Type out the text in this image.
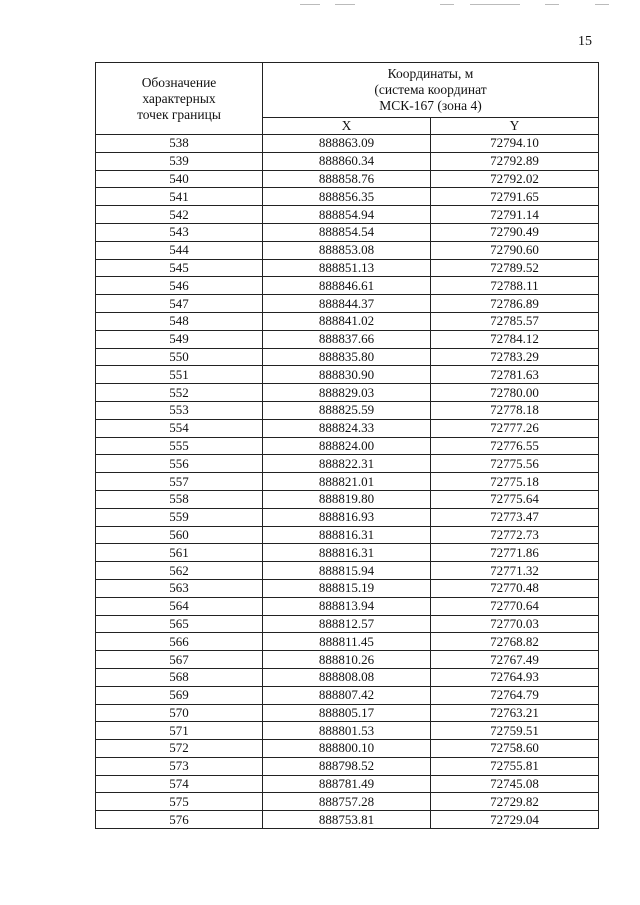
15
Обозначение
характерных
точек границы	Координаты, м
(система координат
МСК-167 (зона 4)	
	X	Y
538	888863.09	72794.10
539	888860.34	72792.89
540	888858.76	72792.02
541	888856.35	72791.65
542	888854.94	72791.14
543	888854.54	72790.49
544	888853.08	72790.60
545	888851.13	72789.52
546	888846.61	72788.11
547	888844.37	72786.89
548	888841.02	72785.57
549	888837.66	72784.12
550	888835.80	72783.29
551	888830.90	72781.63
552	888829.03	72780.00
553	888825.59	72778.18
554	888824.33	72777.26
555	888824.00	72776.55
556	888822.31	72775.56
557	888821.01	72775.18
558	888819.80	72775.64
559	888816.93	72773.47
560	888816.31	72772.73
561	888816.31	72771.86
562	888815.94	72771.32
563	888815.19	72770.48
564	888813.94	72770.64
565	888812.57	72770.03
566	888811.45	72768.82
567	888810.26	72767.49
568	888808.08	72764.93
569	888807.42	72764.79
570	888805.17	72763.21
571	888801.53	72759.51
572	888800.10	72758.60
573	888798.52	72755.81
574	888781.49	72745.08
575	888757.28	72729.82
576	888753.81	72729.04
